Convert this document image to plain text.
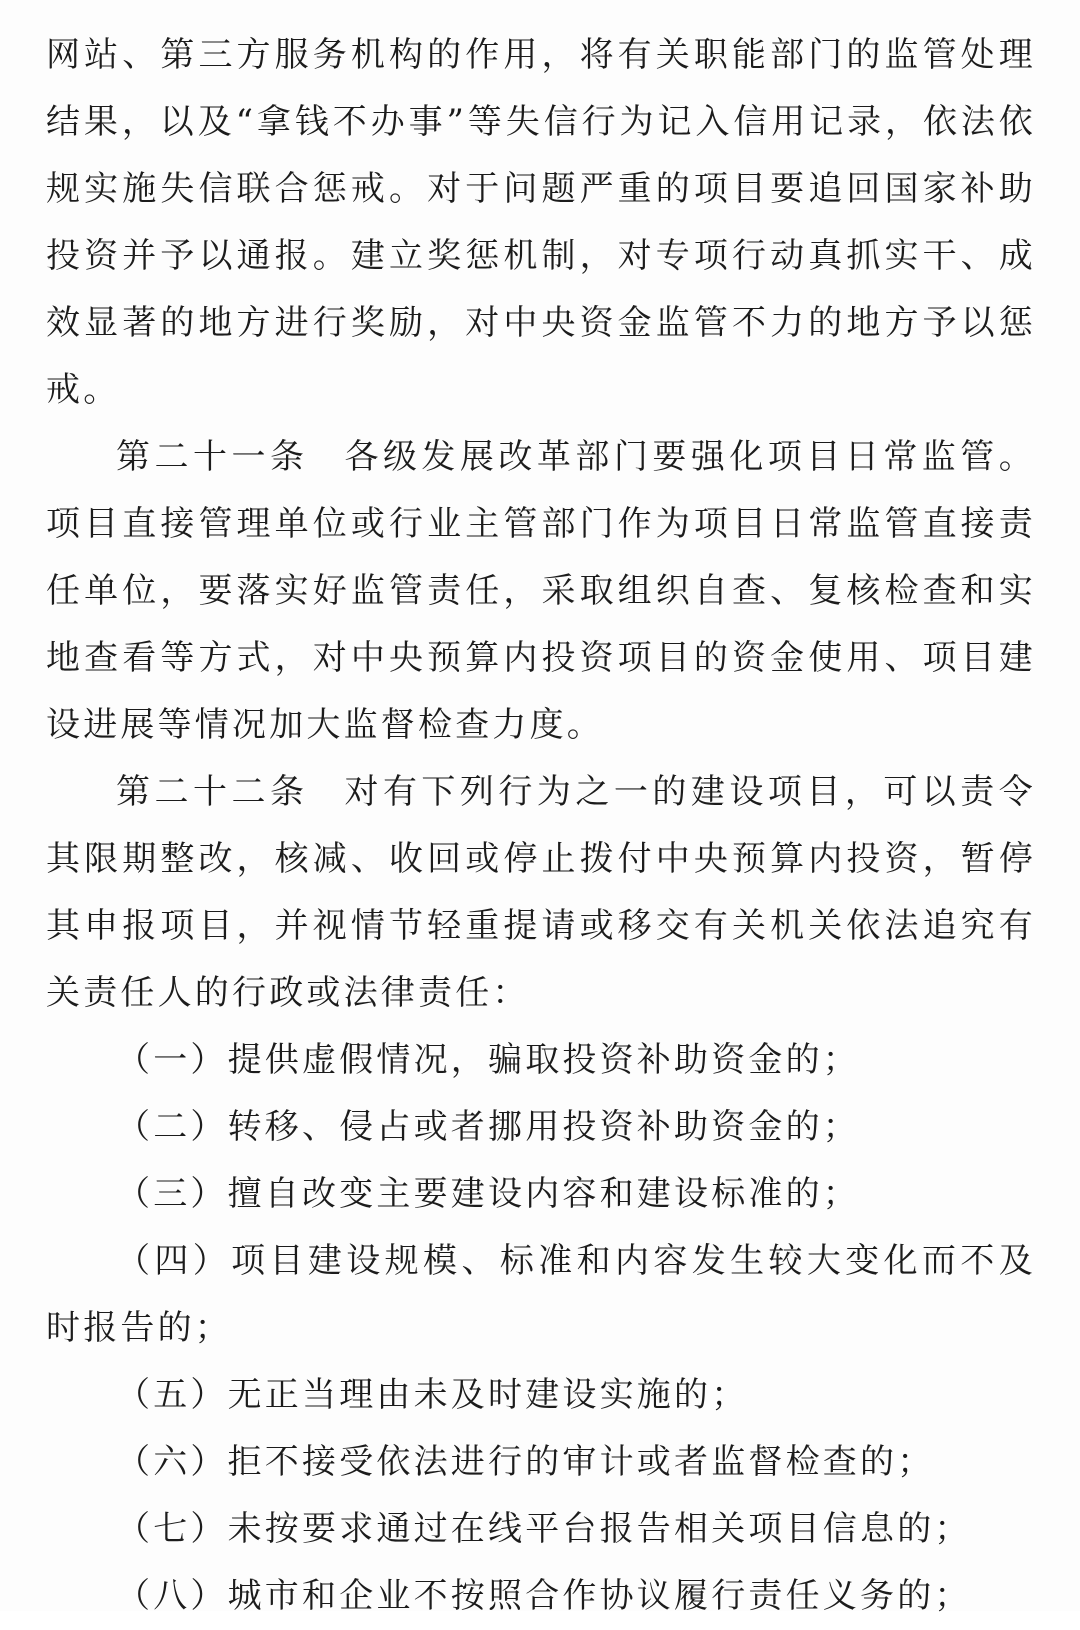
网站、第三方服务机构的作用，将有关职能部门的监管处理结果，以及“拿钱不办事”等失信行为记入信用记录，依法依规实施失信联合惩戒。对于问题严重的项目要追回国家补助投资并予以通报。建立奖惩机制，对专项行动真抓实干、成效显著的地方进行奖励，对中央资金监管不力的地方予以惩戒。

第二十一条 各级发展改革部门要强化项目日常监管。项目直接管理单位或行业主管部门作为项目日常监管直接责任单位，要落实好监管责任，采取组织自查、复核检查和实地查看等方式，对中央预算内投资项目的资金使用、项目建设进展等情况加大监督检查力度。

第二十二条 对有下列行为之一的建设项目，可以责令其限期整改，核减、收回或停止拨付中央预算内投资，暂停其申报项目，并视情节轻重提请或移交有关机关依法追究有关责任人的行政或法律责任：

（一）提供虚假情况，骗取投资补助资金的；

（二）转移、侵占或者挪用投资补助资金的；

（三）擅自改变主要建设内容和建设标准的；

（四）项目建设规模、标准和内容发生较大变化而不及时报告的；

（五）无正当理由未及时建设实施的；

（六）拒不接受依法进行的审计或者监督检查的；

（七）未按要求通过在线平台报告相关项目信息的；

（八）城市和企业不按照合作协议履行责任义务的；
